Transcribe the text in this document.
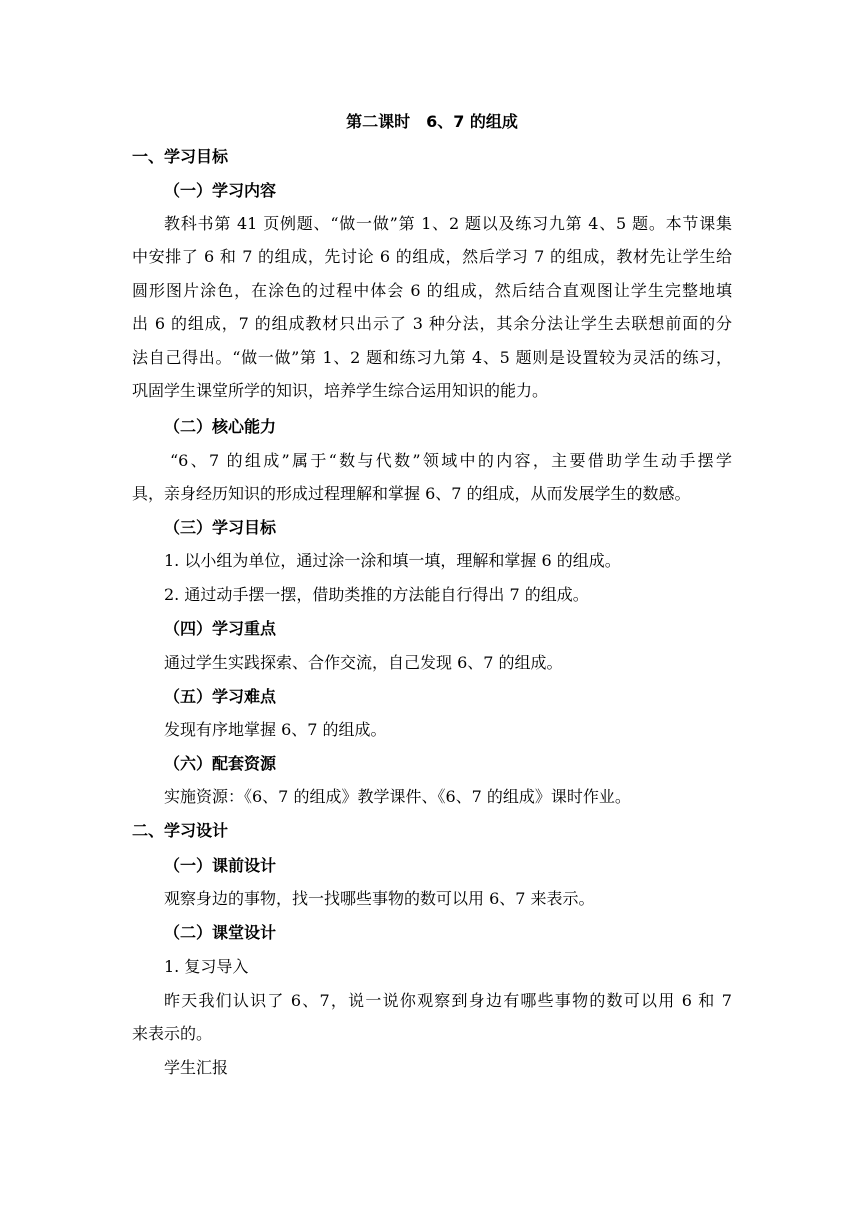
第二课时　6、7 的组成
一、学习目标
（一）学习内容
教科书第 41 页例题、“做一做”第 1、2 题以及练习九第 4、5 题。本节课集
中安排了 6 和 7 的组成，先讨论 6 的组成，然后学习 7 的组成，教材先让学生给
圆形图片涂色，在涂色的过程中体会 6 的组成，然后结合直观图让学生完整地填
出 6 的组成，7 的组成教材只出示了 3 种分法，其余分法让学生去联想前面的分
法自己得出。“做一做”第 1、2 题和练习九第 4、5 题则是设置较为灵活的练习，
巩固学生课堂所学的知识，培养学生综合运用知识的能力。
（二）核心能力
“6、7 的组成”属于“数与代数”领域中的内容，主要借助学生动手摆学
具，亲身经历知识的形成过程理解和掌握 6、7 的组成，从而发展学生的数感。
（三）学习目标
1. 以小组为单位，通过涂一涂和填一填，理解和掌握 6 的组成。
2. 通过动手摆一摆，借助类推的方法能自行得出 7 的组成。
（四）学习重点
通过学生实践探索、合作交流，自己发现 6、7 的组成。
（五）学习难点
发现有序地掌握 6、7 的组成。
（六）配套资源
实施资源：《6、7 的组成》教学课件、《6、7 的组成》课时作业。
二、学习设计
（一）课前设计
观察身边的事物，找一找哪些事物的数可以用 6、7 来表示。
（二）课堂设计
1. 复习导入
昨天我们认识了 6、7，说一说你观察到身边有哪些事物的数可以用 6 和 7
来表示的。
学生汇报
